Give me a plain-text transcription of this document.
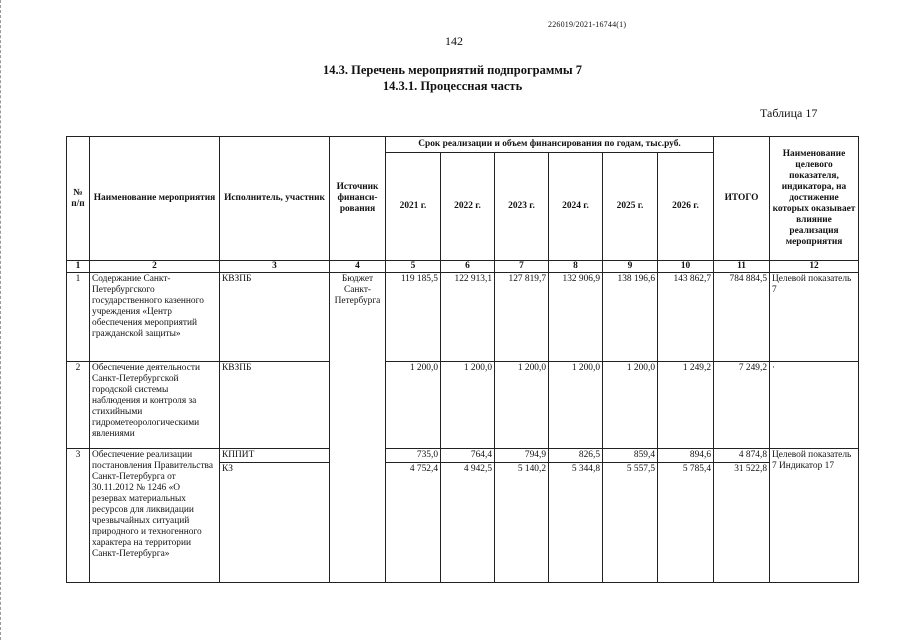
226019/2021-16744(1)
142
14.3. Перечень мероприятий подпрограммы 7
14.3.1. Процессная часть
Таблица 17
№ п/п	Наименование мероприятия	Исполнитель, участник	Источник финанси-рования	Срок реализации и объем финансирования по годам, тыс.руб.						ИТОГО	Наименование целевого показателя, индикатора, на достижение которых оказывает влияние реализация мероприятия
				2021 г.	2022 г.	2023 г.	2024 г.	2025 г.	2026 г.		
1	2	3	4	5	6	7	8	9	10	11	12
1	Содержание Санкт-Петербургского государственного казенного учреждения «Центр обеспечения мероприятий гражданской защиты»	КВЗПБ	Бюджет Санкт-Петербурга	119 185,5	122 913,1	127 819,7	132 906,9	138 196,6	143 862,7	784 884,5	Целевой показатель 7
2	Обеспечение деятельности Санкт-Петербургской городской системы наблюдения и контроля за стихийными гидрометеорологическими явлениями	КВЗПБ		1 200,0	1 200,0	1 200,0	1 200,0	1 200,0	1 249,2	7 249,2	·
3	Обеспечение реализации постановления Правительства Санкт-Петербурга от 30.11.2012 № 1246 «О резервах материальных ресурсов для ликвидации чрезвычайных ситуаций природного и техногенного характера на территории Санкт-Петербурга»	КППИТ		735,0	764,4	794,9	826,5	859,4	894,6	4 874,8	Целевой показатель 7 Индикатор 17
		КЗ		4 752,4	4 942,5	5 140,2	5 344,8	5 557,5	5 785,4	31 522,8	
